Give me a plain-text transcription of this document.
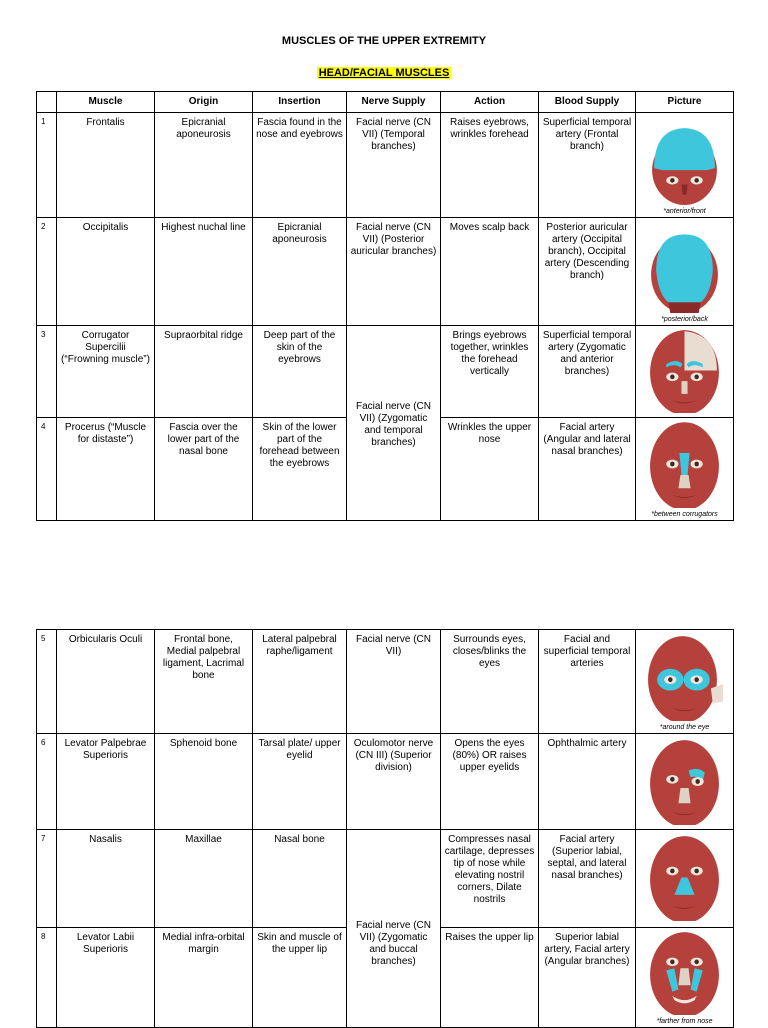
MUSCLES OF THE UPPER EXTREMITY
HEAD/FACIAL MUSCLES
	Muscle	Origin	Insertion	Nerve Supply	Action	Blood Supply	Picture
1	Frontalis	Epicranial aponeurosis	Fascia found in the nose and eyebrows	Facial nerve (CN VII) (Temporal branches)	Raises eyebrows, wrinkles forehead	Superficial temporal artery (Frontal branch)	*anterior/front

2	Occipitalis	Highest nuchal line	Epicranial aponeurosis	Facial nerve (CN VII) (Posterior auricular branches)	Moves scalp back	Posterior auricular artery (Occipital branch), Occipital artery (Descending branch)	*posterior/back

3	Corrugator Supercilii (“Frowning muscle”)	Supraorbital ridge	Deep part of the skin of the eyebrows	Facial nerve (CN VII) (Zygomatic and temporal branches)	Brings eyebrows together, wrinkles the forehead vertically	Superficial temporal artery (Zygomatic and anterior branches)	

4	Procerus (“Muscle for distaste”)	Fascia over the lower part of the nasal bone	Skin of the lower part of the forehead between the eyebrows		Wrinkles the upper nose	Facial artery (Angular and lateral nasal branches)	*between corrugators
5	Orbicularis Oculi	Frontal bone, Medial palpebral ligament, Lacrimal bone	Lateral palpebral raphe/ligament	Facial nerve (CN VII)	Surrounds eyes, closes/blinks the eyes	Facial and superficial temporal arteries	*around the eye

6	Levator Palpebrae Superioris	Sphenoid bone	Tarsal plate/ upper eyelid	Oculomotor nerve (CN III) (Superior division)	Opens the eyes (80%) OR raises upper eyelids	Ophthalmic artery	

7	Nasalis	Maxillae	Nasal bone	Facial nerve (CN VII) (Zygomatic and buccal branches)	Compresses nasal cartilage, depresses tip of nose while elevating nostril corners, Dilate nostrils	Facial artery (Superior labial, septal, and lateral nasal branches)	

8	Levator Labii Superioris	Medial infra-orbital margin	Skin and muscle of the upper lip		Raises the upper lip	Superior labial artery, Facial artery (Angular branches)	*farther from nose
